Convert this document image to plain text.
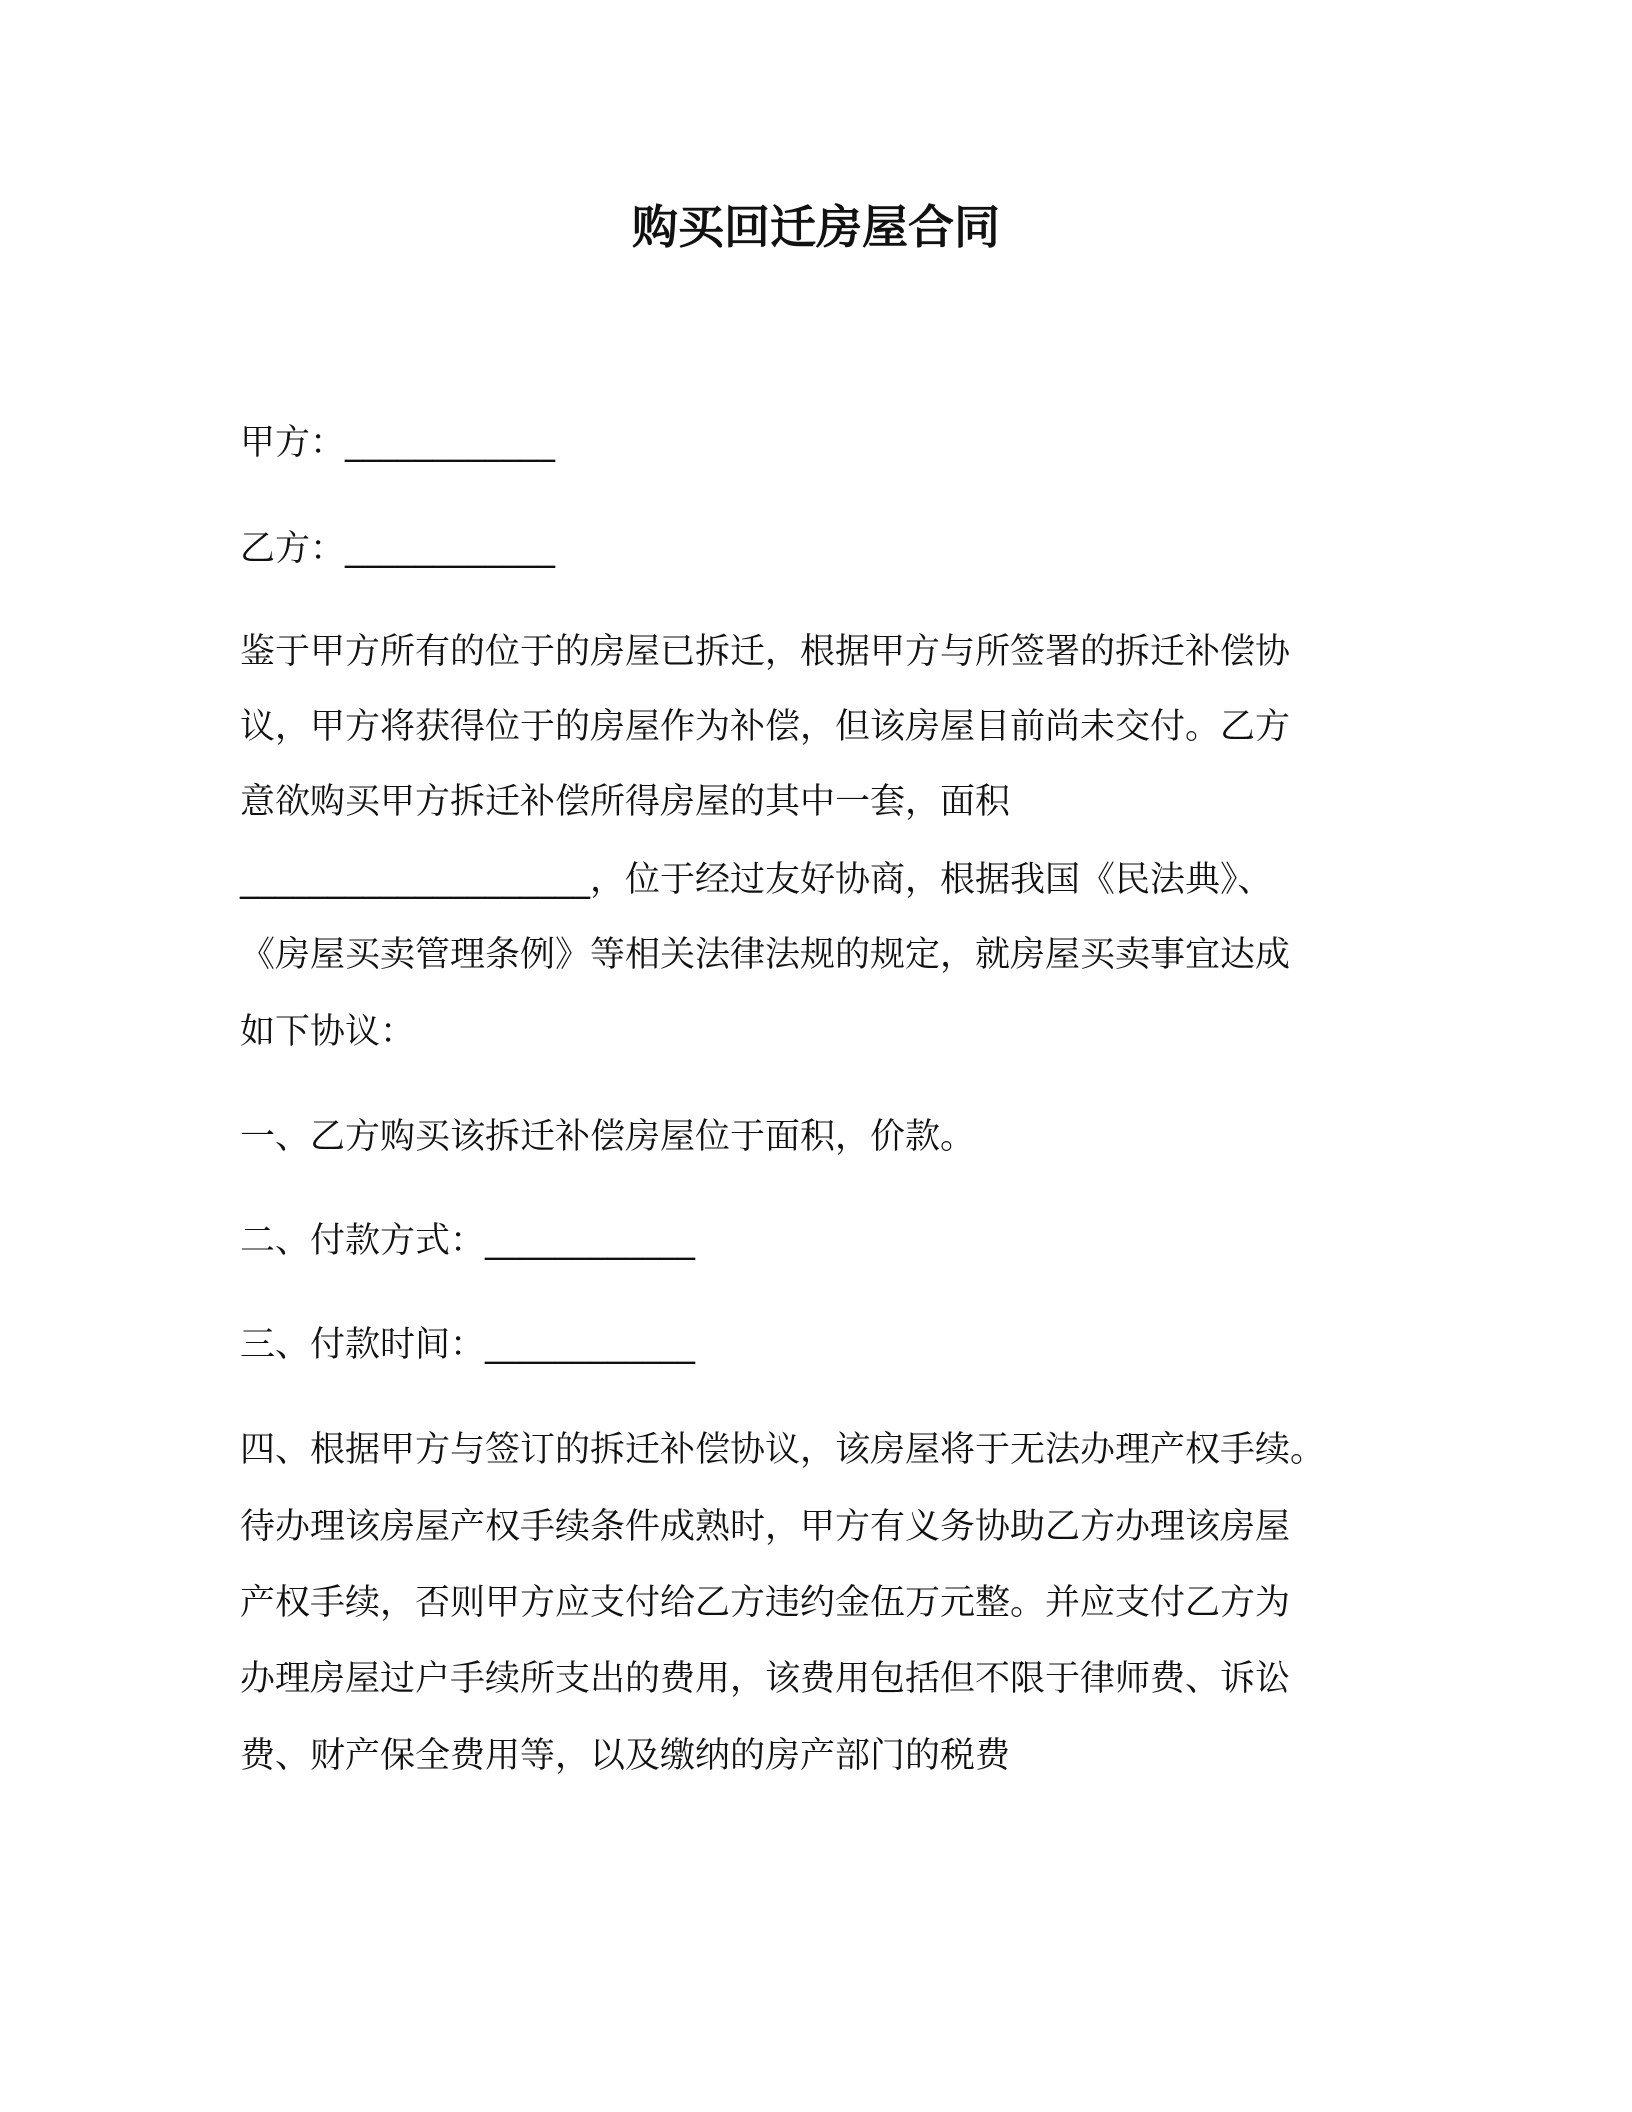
购买回迁房屋合同

甲方：____________

乙方：____________

鉴于甲方所有的位于的房屋已拆迁，根据甲方与所签署的拆迁补偿协

议，甲方将获得位于的房屋作为补偿，但该房屋目前尚未交付。乙方

意欲购买甲方拆迁补偿所得房屋的其中一套，面积

____________________，位于经过友好协商，根据我国《民法典》、

《房屋买卖管理条例》等相关法律法规的规定，就房屋买卖事宜达成

如下协议：

一、乙方购买该拆迁补偿房屋位于面积，价款。

二、付款方式：____________

三、付款时间：____________

四、根据甲方与签订的拆迁补偿协议，该房屋将于无法办理产权手续。

待办理该房屋产权手续条件成熟时，甲方有义务协助乙方办理该房屋

产权手续，否则甲方应支付给乙方违约金伍万元整。并应支付乙方为

办理房屋过户手续所支出的费用，该费用包括但不限于律师费、诉讼

费、财产保全费用等，以及缴纳的房产部门的税费
